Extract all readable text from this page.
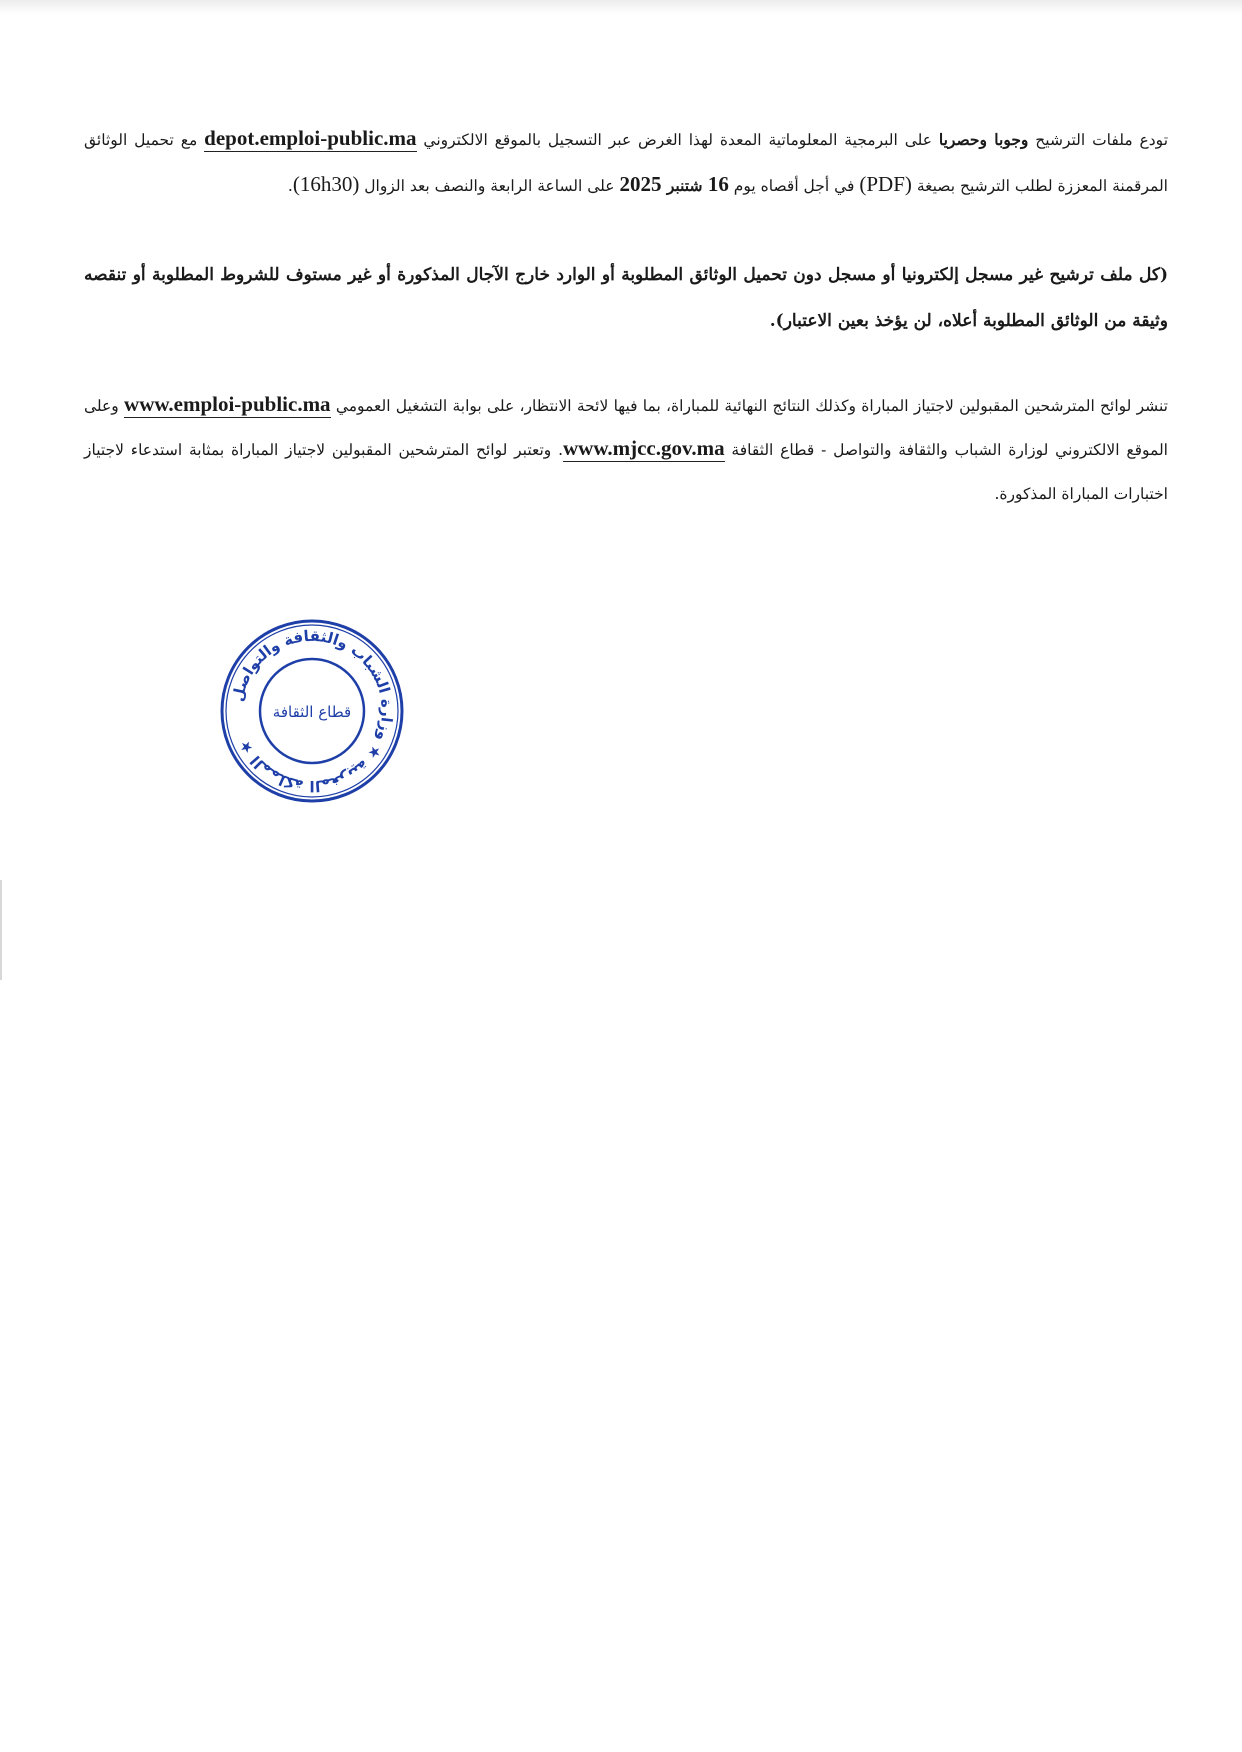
تودع ملفات الترشيح وجوبا وحصريا على البرمجية المعلوماتية المعدة لهذا الغرض عبر التسجيل بالموقع الالكتروني depot.emploi-public.ma مع تحميل الوثائق المرقمنة المعززة لطلب الترشيح بصيغة (PDF) في أجل أقصاه يوم 16 شتنبر 2025 على الساعة الرابعة والنصف بعد الزوال (16h30).

(كل ملف ترشيح غير مسجل إلكترونيا أو مسجل دون تحميل الوثائق المطلوبة أو الوارد خارج الآجال المذكورة أو غير مستوف للشروط المطلوبة أو تنقصه وثيقة من الوثائق المطلوبة أعلاه، لن يؤخذ بعين الاعتبار).

تنشر لوائح المترشحين المقبولين لاجتياز المباراة وكذلك النتائج النهائية للمباراة، بما فيها لائحة الانتظار، على بوابة التشغيل العمومي www.emploi-public.ma وعلى الموقع الالكتروني لوزارة الشباب والثقافة والتواصل - قطاع الثقافة www.mjcc.gov.ma. وتعتبر لوائح المترشحين المقبولين لاجتياز المباراة بمثابة استدعاء لاجتياز اختبارات المباراة المذكورة.

المملكة المغربية ★ وزارة الشباب والثقافة والتواصل ★
قطاع الثقافة
